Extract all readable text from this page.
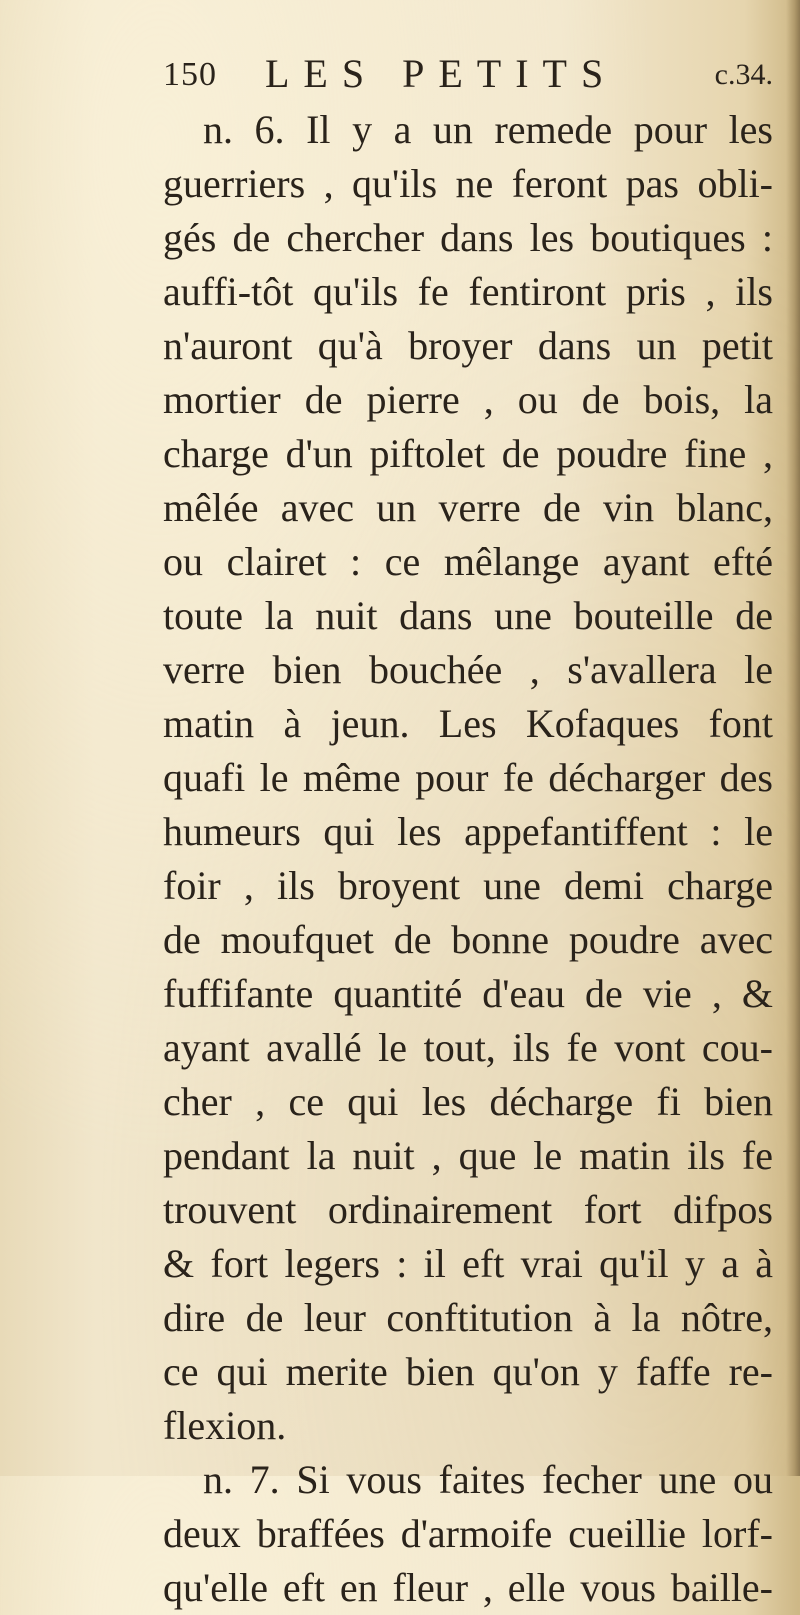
150 LES PETITS	c.34.
n. 6. Il y a un remede pour les
guerriers , qu'ils ne feront pas obli-
gés de chercher dans les boutiques :
auffi-tôt qu'ils fe fentiront pris , ils
n'auront qu'à broyer dans un petit
mortier de pierre , ou de bois, la
charge d'un piftolet de poudre fine ,
mêlée avec un verre de vin blanc,
ou clairet : ce mêlange ayant efté
toute la nuit dans une bouteille de
verre bien bouchée , s'avallera le
matin à jeun. Les Kofaques font
quafi le même pour fe décharger des
humeurs qui les appefantiffent : le
foir , ils broyent une demi charge
de moufquet de bonne poudre avec
fuffifante quantité d'eau de vie , &
ayant avallé le tout, ils fe vont cou-
cher , ce qui les décharge fi bien
pendant la nuit , que le matin ils fe
trouvent ordinairement fort difpos
& fort legers : il eft vrai qu'il y a à
dire de leur conftitution à la nôtre,
ce qui merite bien qu'on y faffe re-
flexion.
n. 7. Si vous faites fecher une ou
deux braffées d'armoife cueillie lorf-
qu'elle eft en fleur , elle vous baille-
